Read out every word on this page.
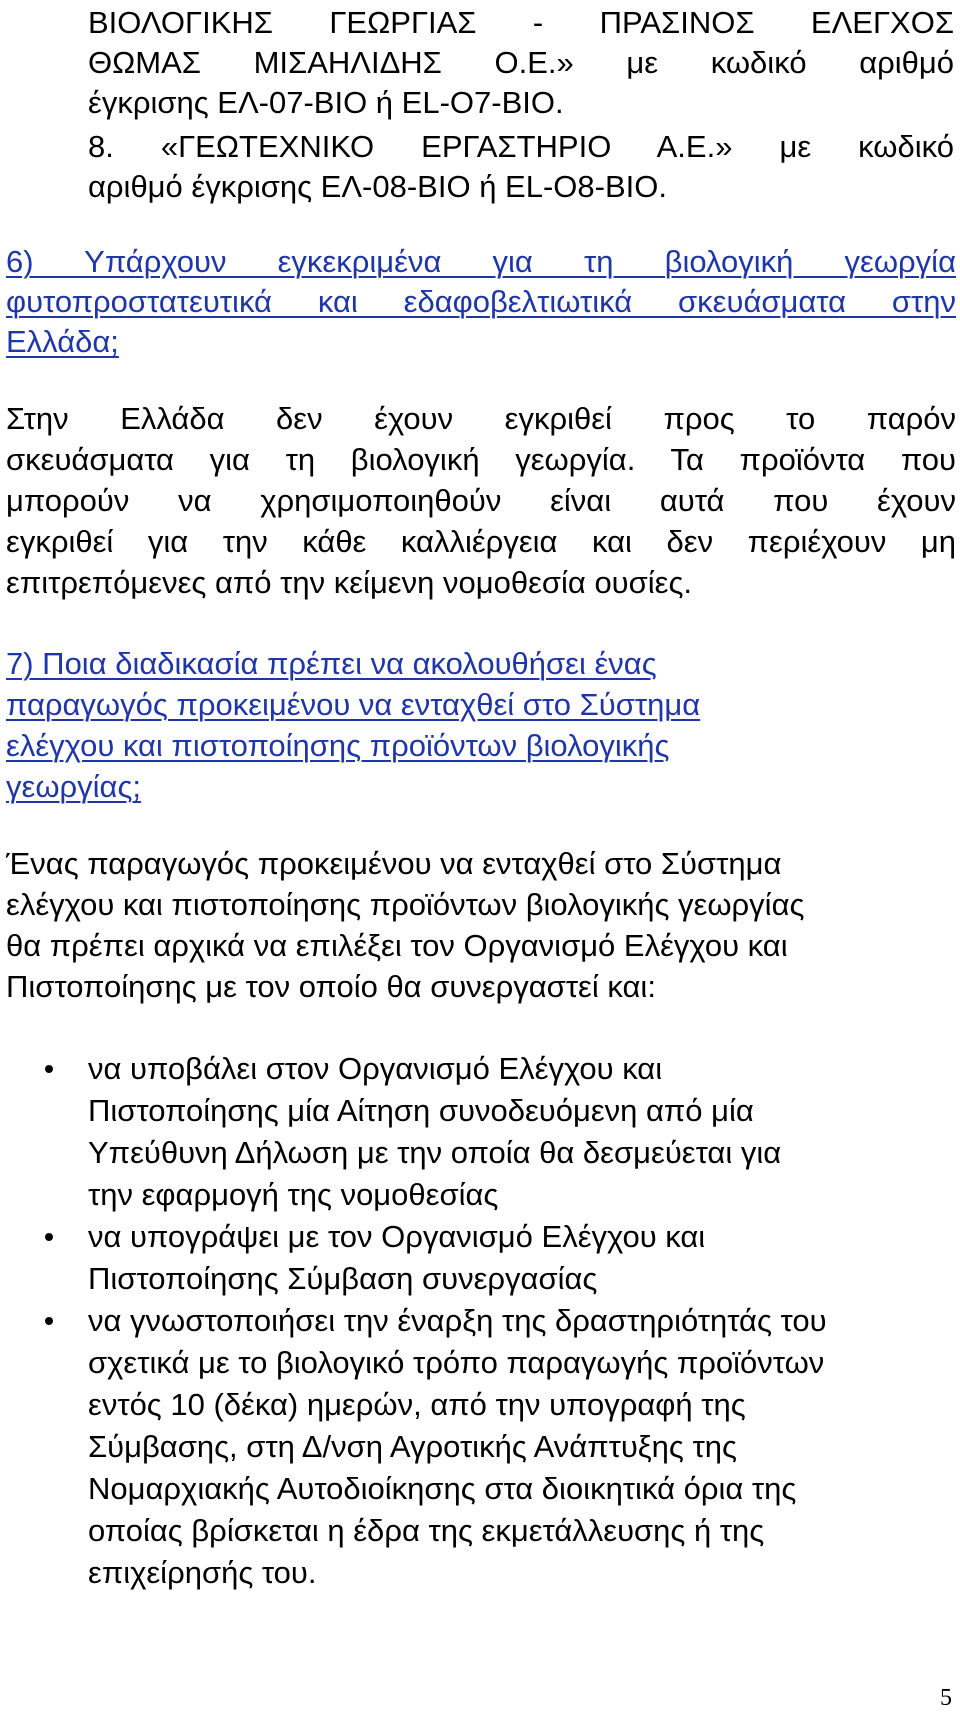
ΒΙΟΛΟΓΙΚΗΣ ΓΕΩΡΓΙΑΣ - ΠΡΑΣΙΝΟΣ ΕΛΕΓΧΟΣ

ΘΩΜΑΣ ΜΙΣΑΗΛΙΔΗΣ Ο.Ε.» με κωδικό αριθμό

έγκρισης ΕΛ-07-ΒΙΟ ή EL-O7-BIO.

8. «ΓΕΩΤΕΧΝΙΚΟ ΕΡΓΑΣΤΗΡΙΟ Α.Ε.» με κωδικό

αριθμό έγκρισης ΕΛ-08-ΒΙΟ ή EL-O8-BIO.

6) Υπάρχουν εγκεκριμένα για τη βιολογική γεωργία

φυτοπροστατευτικά και εδαφοβελτιωτικά σκευάσματα στην

Ελλάδα;

Στην Ελλάδα δεν έχουν εγκριθεί προς το παρόν

σκευάσματα για τη βιολογική γεωργία. Τα προϊόντα που

μπορούν να χρησιμοποιηθούν είναι αυτά που έχουν

εγκριθεί για την κάθε καλλιέργεια και δεν περιέχουν μη

επιτρεπόμενες από την κείμενη νομοθεσία ουσίες.

7) Ποια διαδικασία πρέπει να ακολουθήσει ένας

παραγωγός προκειμένου να ενταχθεί στο Σύστημα

ελέγχου και πιστοποίησης προϊόντων βιολογικής

γεωργίας;

Ένας παραγωγός προκειμένου να ενταχθεί στο Σύστημα

ελέγχου και πιστοποίησης προϊόντων βιολογικής γεωργίας

θα πρέπει αρχικά να επιλέξει τον Οργανισμό Ελέγχου και

Πιστοποίησης με τον οποίο θα συνεργαστεί και:

να υποβάλει στον Οργανισμό Ελέγχου και

Πιστοποίησης μία Αίτηση συνοδευόμενη από μία

Υπεύθυνη Δήλωση με την οποία θα δεσμεύεται για

την εφαρμογή της νομοθεσίας

να υπογράψει με τον Οργανισμό Ελέγχου και

Πιστοποίησης Σύμβαση συνεργασίας

να γνωστοποιήσει την έναρξη της δραστηριότητάς του

σχετικά με το βιολογικό τρόπο παραγωγής προϊόντων

εντός 10 (δέκα) ημερών, από την υπογραφή της

Σύμβασης, στη Δ/νση Αγροτικής Ανάπτυξης της

Νομαρχιακής Αυτοδιοίκησης στα διοικητικά όρια της

οποίας βρίσκεται η έδρα της εκμετάλλευσης ή της

επιχείρησής του.

5
